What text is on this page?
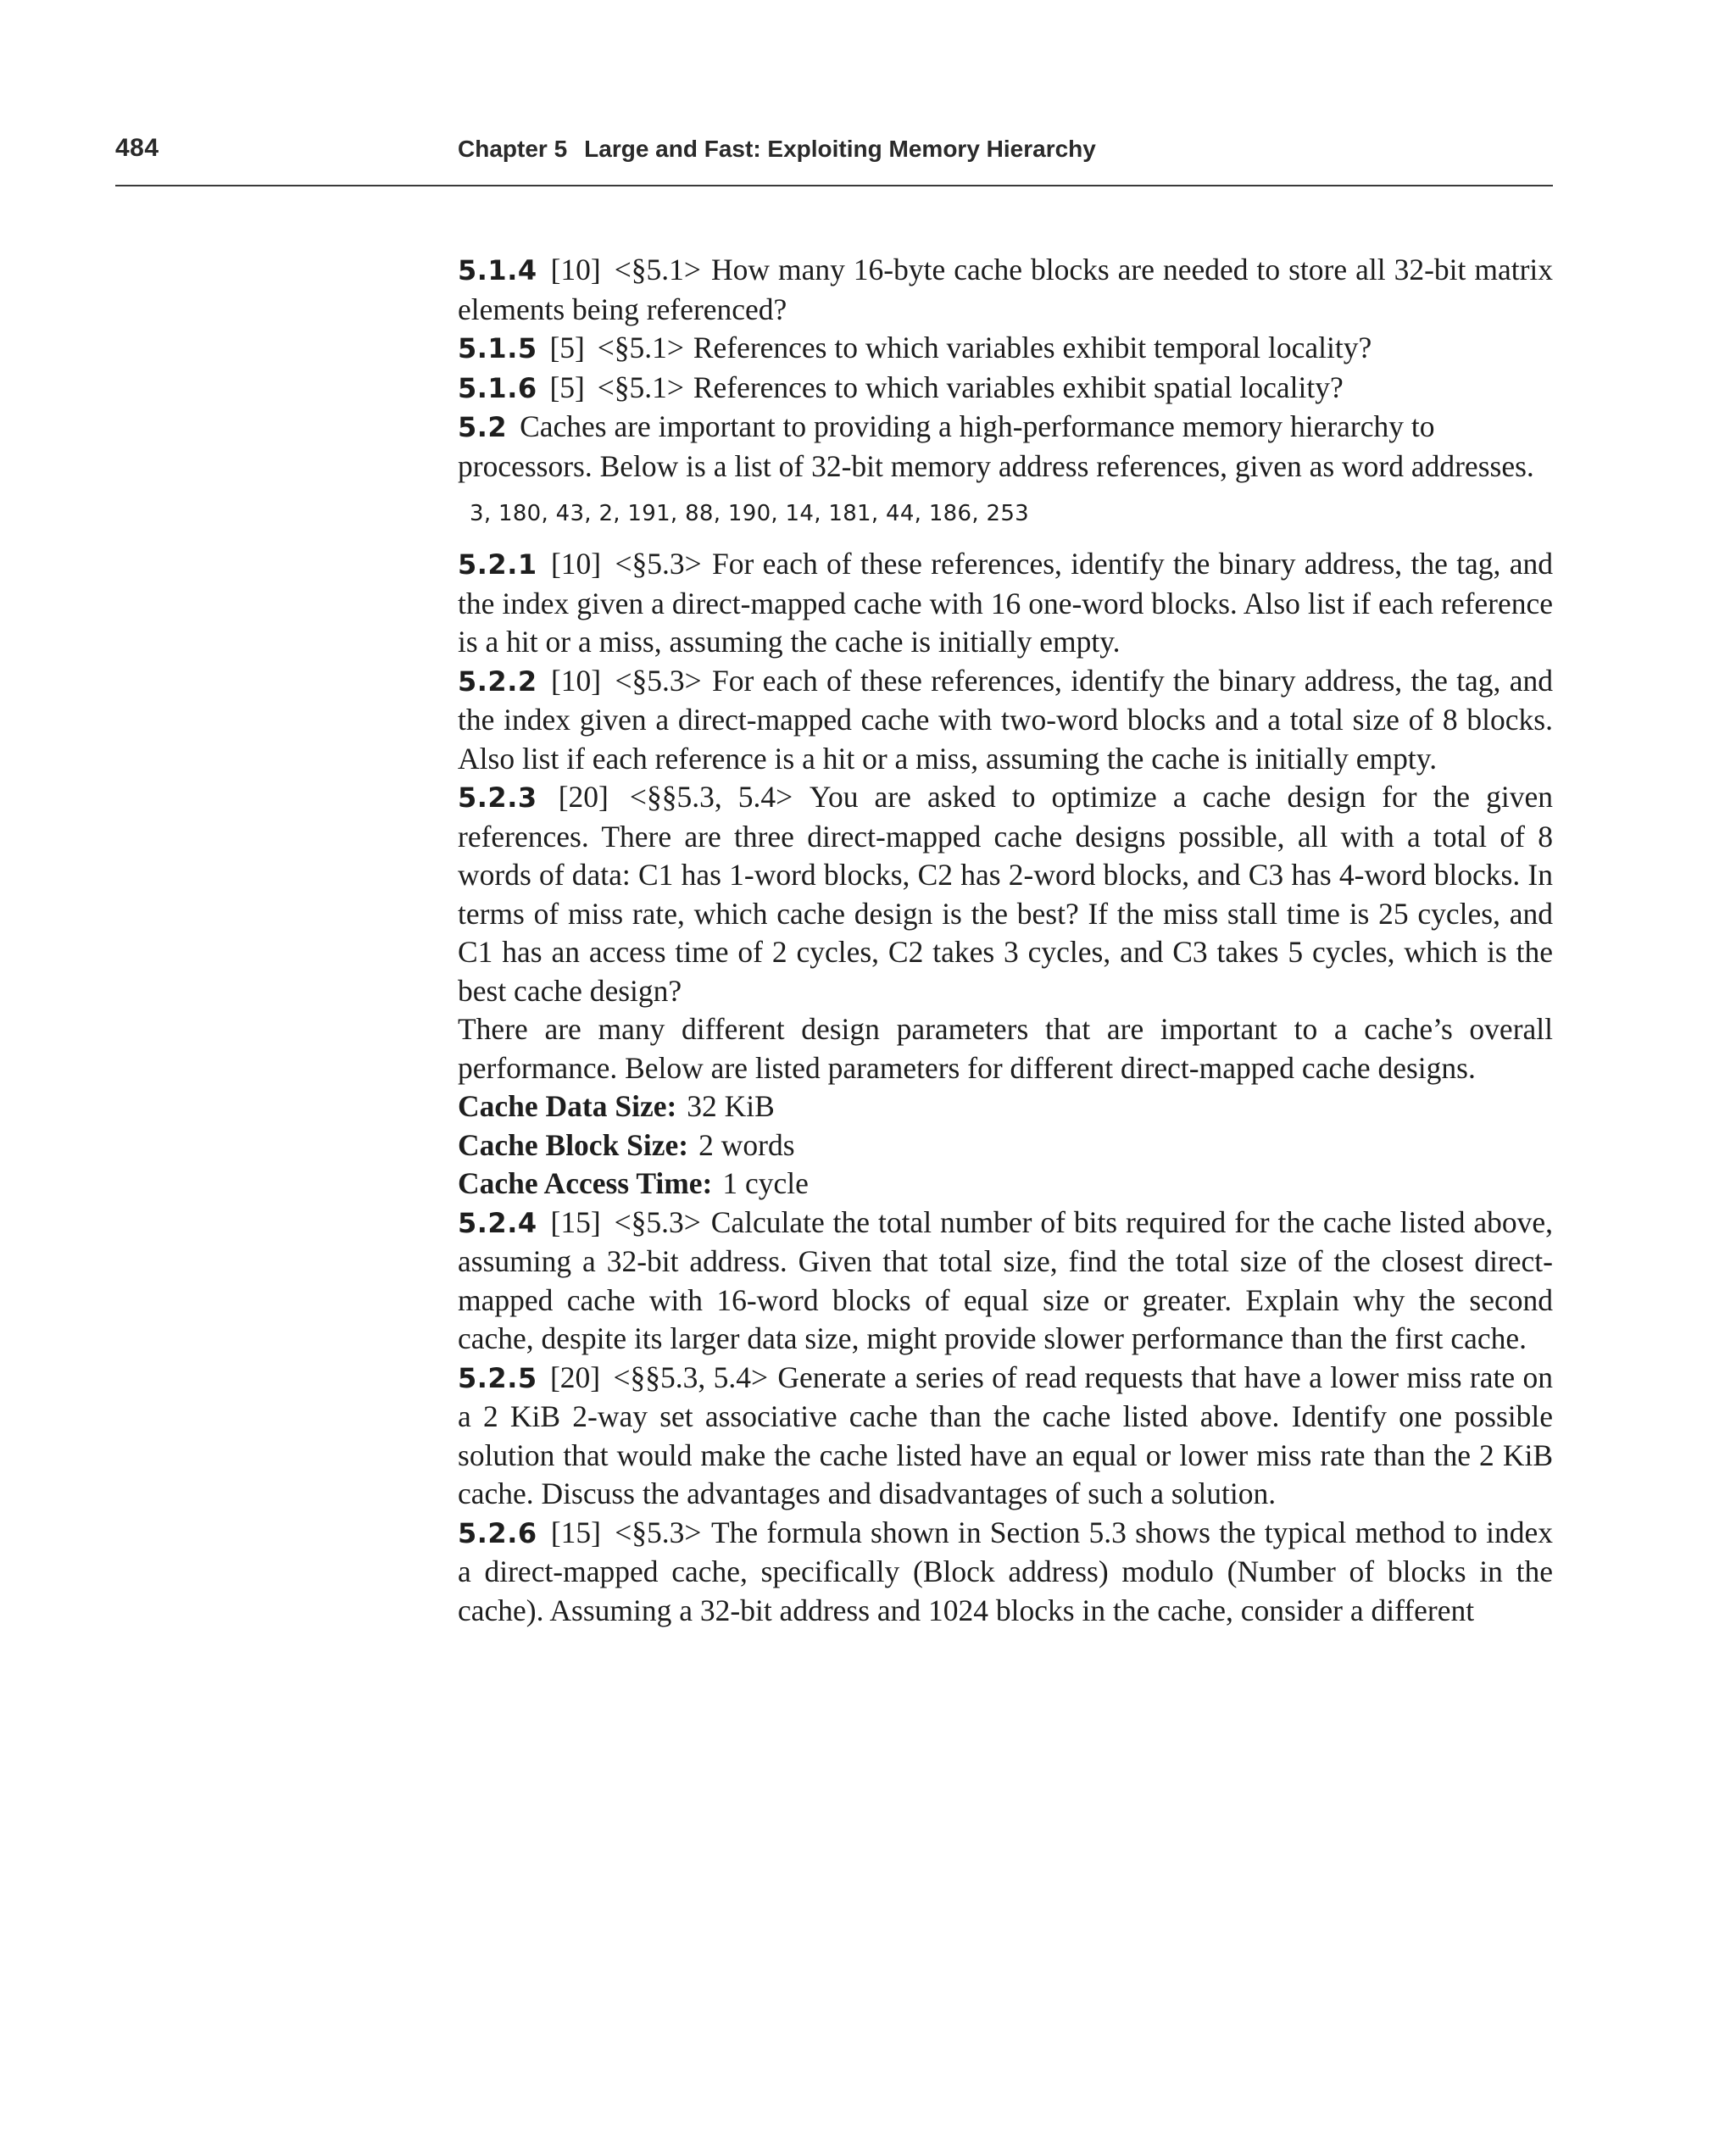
484	Chapter 5 Large and Fast: Exploiting Memory Hierarchy

5.1.4 [10] <§5.1> How many 16-byte cache blocks are needed to store all 32-bit matrix elements being referenced?

5.1.5 [5] <§5.1> References to which variables exhibit temporal locality?

5.1.6 [5] <§5.1> References to which variables exhibit spatial locality?

5.2 Caches are important to providing a high-performance memory hierarchy to processors. Below is a list of 32-bit memory address references, given as word addresses.

3, 180, 43, 2, 191, 88, 190, 14, 181, 44, 186, 253

5.2.1 [10] <§5.3> For each of these references, identify the binary address, the tag, and the index given a direct-mapped cache with 16 one-word blocks. Also list if each reference is a hit or a miss, assuming the cache is initially empty.

5.2.2 [10] <§5.3> For each of these references, identify the binary address, the tag, and the index given a direct-mapped cache with two-word blocks and a total size of 8 blocks. Also list if each reference is a hit or a miss, assuming the cache is initially empty.

5.2.3 [20] <§§5.3, 5.4> You are asked to optimize a cache design for the given references. There are three direct-mapped cache designs possible, all with a total of 8 words of data: C1 has 1-word blocks, C2 has 2-word blocks, and C3 has 4-word blocks. In terms of miss rate, which cache design is the best? If the miss stall time is 25 cycles, and C1 has an access time of 2 cycles, C2 takes 3 cycles, and C3 takes 5 cycles, which is the best cache design?

There are many different design parameters that are important to a cache’s overall performance. Below are listed parameters for different direct-mapped cache designs.

Cache Data Size: 32 KiB

Cache Block Size: 2 words

Cache Access Time: 1 cycle

5.2.4 [15] <§5.3> Calculate the total number of bits required for the cache listed above, assuming a 32-bit address. Given that total size, find the total size of the closest direct-mapped cache with 16-word blocks of equal size or greater. Explain why the second cache, despite its larger data size, might provide slower performance than the first cache.

5.2.5 [20] <§§5.3, 5.4> Generate a series of read requests that have a lower miss rate on a 2 KiB 2-way set associative cache than the cache listed above. Identify one possible solution that would make the cache listed have an equal or lower miss rate than the 2 KiB cache. Discuss the advantages and disadvantages of such a solution.

5.2.6 [15] <§5.3> The formula shown in Section 5.3 shows the typical method to index a direct-mapped cache, specifically (Block address) modulo (Number of blocks in the cache). Assuming a 32-bit address and 1024 blocks in the cache, consider a different
